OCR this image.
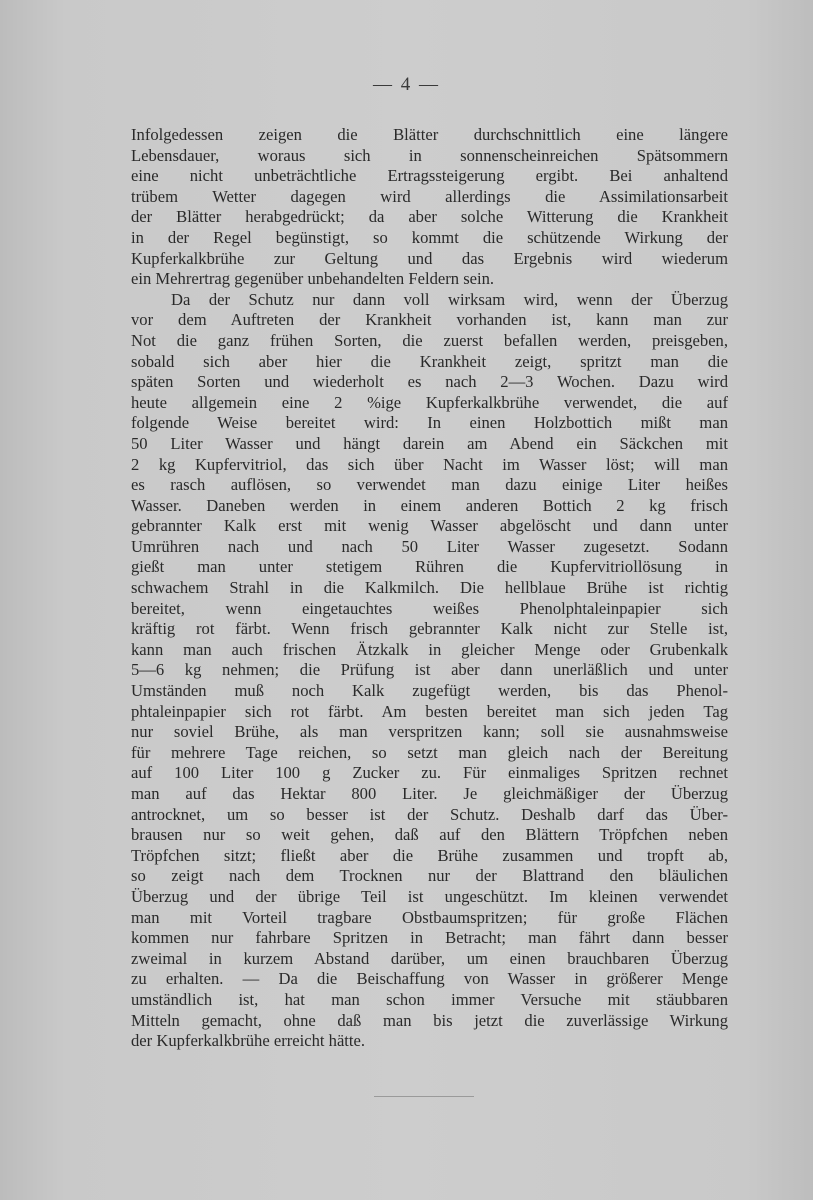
— 4 —
Infolgedessen zeigen die Blätter durchschnittlich eine längere
Lebensdauer, woraus sich in sonnenscheinreichen Spätsommern
eine nicht unbeträchtliche Ertragssteigerung ergibt. Bei anhaltend
trübem Wetter dagegen wird allerdings die Assimilationsarbeit
der Blätter herabgedrückt; da aber solche Witterung die Krankheit
in der Regel begünstigt, so kommt die schützende Wirkung der
Kupferkalkbrühe zur Geltung und das Ergebnis wird wiederum
ein Mehrertrag gegenüber unbehandelten Feldern sein.
Da der Schutz nur dann voll wirksam wird, wenn der Überzug
vor dem Auftreten der Krankheit vorhanden ist, kann man zur
Not die ganz frühen Sorten, die zuerst befallen werden, preisgeben,
sobald sich aber hier die Krankheit zeigt, spritzt man die
späten Sorten und wiederholt es nach 2—3 Wochen. Dazu wird
heute allgemein eine 2 %ige Kupferkalkbrühe verwendet, die auf
folgende Weise bereitet wird: In einen Holzbottich mißt man
50 Liter Wasser und hängt darein am Abend ein Säckchen mit
2 kg Kupfervitriol, das sich über Nacht im Wasser löst; will man
es rasch auflösen, so verwendet man dazu einige Liter heißes
Wasser. Daneben werden in einem anderen Bottich 2 kg frisch
gebrannter Kalk erst mit wenig Wasser abgelöscht und dann unter
Umrühren nach und nach 50 Liter Wasser zugesetzt. Sodann
gießt man unter stetigem Rühren die Kupfervitriollösung in
schwachem Strahl in die Kalkmilch. Die hellblaue Brühe ist richtig
bereitet, wenn eingetauchtes weißes Phenolphtaleinpapier sich
kräftig rot färbt. Wenn frisch gebrannter Kalk nicht zur Stelle ist,
kann man auch frischen Ätzkalk in gleicher Menge oder Grubenkalk
5—6 kg nehmen; die Prüfung ist aber dann unerläßlich und unter
Umständen muß noch Kalk zugefügt werden, bis das Phenol-
phtaleinpapier sich rot färbt. Am besten bereitet man sich jeden Tag
nur soviel Brühe, als man verspritzen kann; soll sie ausnahmsweise
für mehrere Tage reichen, so setzt man gleich nach der Bereitung
auf 100 Liter 100 g Zucker zu. Für einmaliges Spritzen rechnet
man auf das Hektar 800 Liter. Je gleichmäßiger der Überzug
antrocknet, um so besser ist der Schutz. Deshalb darf das Über-
brausen nur so weit gehen, daß auf den Blättern Tröpfchen neben
Tröpfchen sitzt; fließt aber die Brühe zusammen und tropft ab,
so zeigt nach dem Trocknen nur der Blattrand den bläulichen
Überzug und der übrige Teil ist ungeschützt. Im kleinen verwendet
man mit Vorteil tragbare Obstbaumspritzen; für große Flächen
kommen nur fahrbare Spritzen in Betracht; man fährt dann besser
zweimal in kurzem Abstand darüber, um einen brauchbaren Überzug
zu erhalten. — Da die Beischaffung von Wasser in größerer Menge
umständlich ist, hat man schon immer Versuche mit stäubbaren
Mitteln gemacht, ohne daß man bis jetzt die zuverlässige Wirkung
der Kupferkalkbrühe erreicht hätte.
